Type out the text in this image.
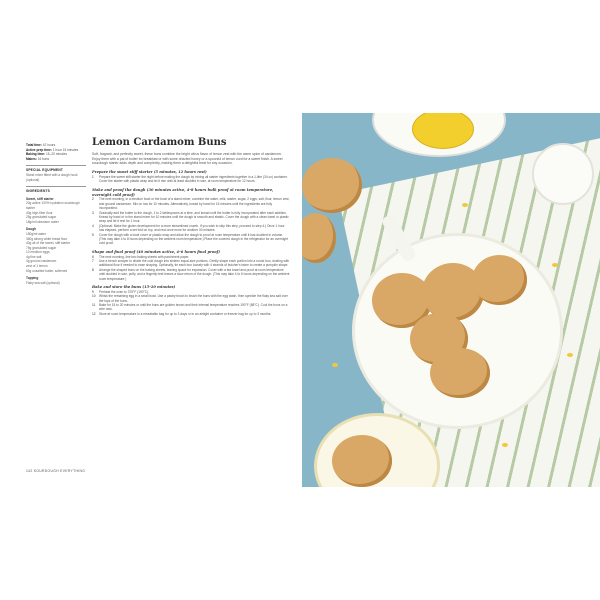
Total time: 42 hours
Active prep time: 1 hour 15 minutes
Baking time: 15–20 minutes
Makes: 16 buns
SPECIAL EQUIPMENT
Stand mixer fitted with a dough hook (optional)
INGREDIENTS
Sweet, stiff starter
20g active 100% hydration sourdough starter
40g high-fiber flour
25g granulated sugar
18g/ml lukewarm water
Dough
180g/ml water
360g strong white bread flour
40g all of the sweet, stiff starter
75g granulated sugar
10 medium eggs
4g fine salt
4g ground cardamom
zest of 1 lemon
60g unsalted butter, softened
Topping
Flaky sea salt (optional)
Lemon Cardamom Buns
Soft, fragrant, and perfectly sweet, these buns combine the bright citrus flavor of lemon zest with the warm spice of cardamom. Enjoy them with a pat of butter for breakfast or with some drizzled honey or a spoonful of lemon curd for a sweet finish. A sweet sourdough starter adds depth and complexity, making them a delightful treat for any occasion.
Prepare the sweet stiff starter (5 minutes, 12 hours rest)
1	Prepare the sweet stiff starter the night before making the dough by mixing all starter ingredients together in a 1-liter (34 oz) container. Cover the starter with plastic wrap and let it rise until at least doubled in size, at room temperature for 12 hours.
Make and proof the dough (30 minutes active, 4–8 hours bulk proof at room temperature, overnight cold proof)
2	The next morning, in a medium bowl or the bowl of a stand mixer, combine the water, milk, starter, sugar, 2 eggs, salt, flour, lemon zest, and ground cardamom. Mix on low for 10 minutes. Alternatively, knead by hand for 15 minutes until the ingredients are fully incorporated.
3	Gradually add the butter to the dough, 1 to 2 tablespoons at a time, and knead until the butter is fully incorporated after each addition. Knead by hand or in the stand mixer for 10 minutes until the dough is smooth and elastic. Cover the dough with a clean towel or plastic wrap and let it rest for 1 hour.
4	(Optional: Make the gluten development for a more streamlined crumb. If you wish to skip this step, proceed to step 4.) Once 1 hour has elapsed, perform a set fold on top, and rest once more for another 30 minutes.
5	Cover the dough with a bowl cover or plastic wrap and allow the dough to proof at room temperature until it has doubled in volume. (This may take 4 to 8 hours depending on the ambient room temperature.) Place the covered dough in the refrigerator for an overnight cold proof.
Shape and final proof (40 minutes active, 4–6 hours final proof)
6	The next morning, line two baking sheets with parchment paper.
7	Use a bench scraper to divide the cold dough into sixteen equal-size portions. Gently shape each portion into a round bun, dusting with additional flour if needed to ease shaping. Optionally, tie each bun loosely with 4 strands of butcher's twine to create a pumpkin shape.
8	Arrange the shaped buns on the baking sheets, leaving space for expansion. Cover with a tea towel and proof at room temperature until doubled in size, puffy, and a fingertip test leaves a slow return of the dough. (This may take 4 to 6 hours depending on the ambient room temperature.)
Bake and store the buns (15–20 minutes)
9	Preheat the oven to 375°F (190°C).
10	Whisk the remaining egg in a small bowl. Use a pastry brush to brush the buns with the egg wash, then sprinkle the flaky sea salt over the tops of the buns.
11	Bake for 15 to 20 minutes or until the buns are golden brown and their internal temperature reaches 190°F (88°C). Cool the buns on a wire rack.
12	Store at room temperature in a resealable bag for up to 3 days or in an airtight container or freezer bag for up to 3 months.
142 SOURDOUGH EVERYTHING
